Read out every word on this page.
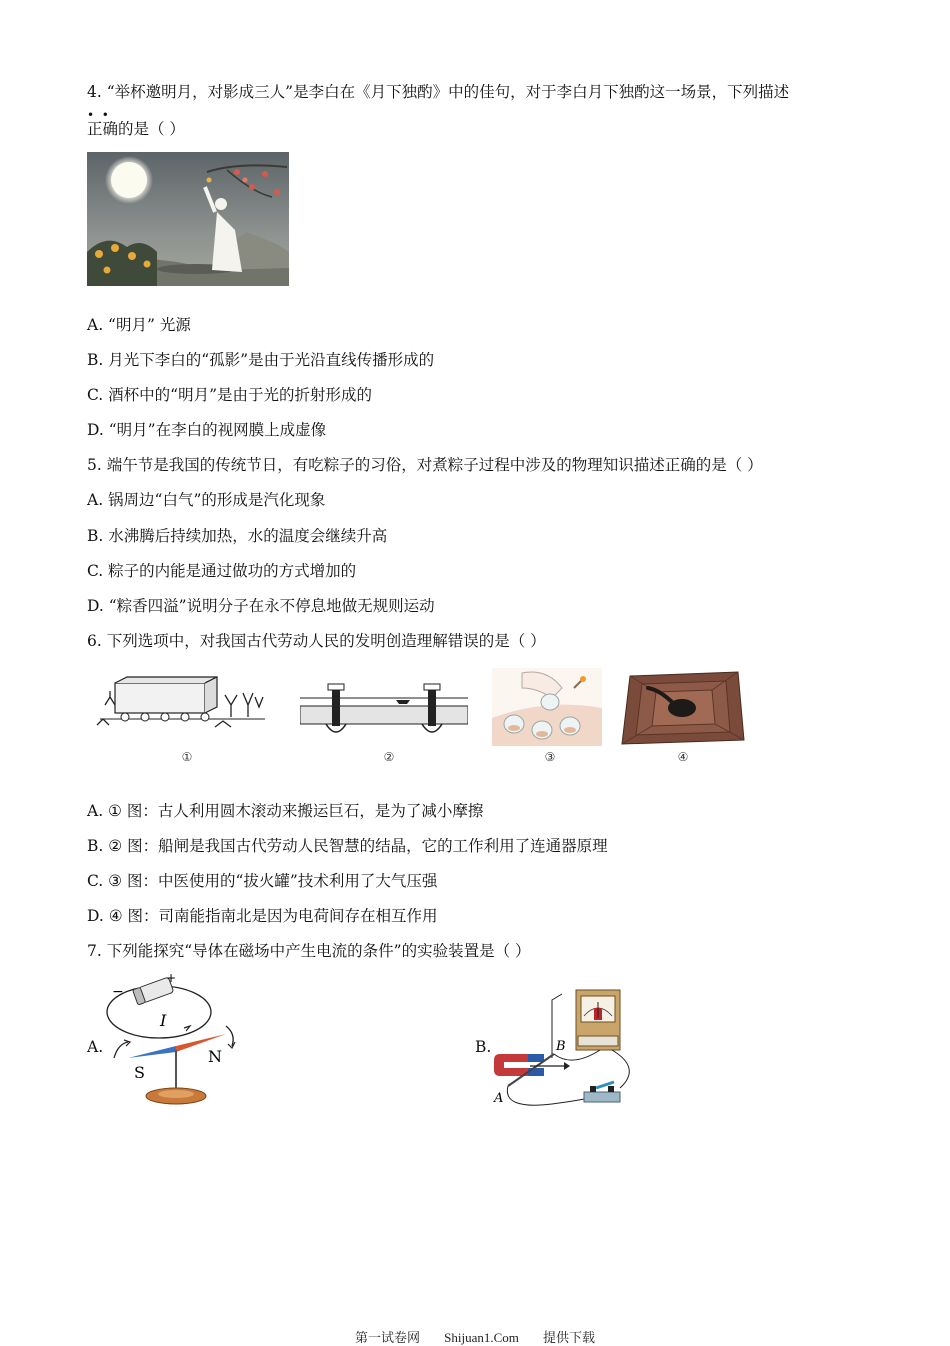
4. “举杯邀明月，对影成三人”是李白在《月下独酌》中的佳句，对于李白月下独酌这一场景，下列描述
•  •
正确的是（ ）
A. “明月” 光源
B. 月光下李白的“孤影”是由于光沿直线传播形成的
C. 酒杯中的“明月”是由于光的折射形成的
D. “明月”在李白的视网膜上成虚像
5. 端午节是我国的传统节日，有吃粽子的习俗，对煮粽子过程中涉及的物理知识描述正确的是（ ）
A. 锅周边“白气”的形成是汽化现象
B. 水沸腾后持续加热，水的温度会继续升高
C. 粽子的内能是通过做功的方式增加的
D. “粽香四溢”说明分子在永不停息地做无规则运动
6. 下列选项中，对我国古代劳动人民的发明创造理解错误的是（ ）
①	②	③	④
A. ① 图：古人利用圆木滚动来搬运巨石，是为了减小摩擦
B. ② 图：船闸是我国古代劳动人民智慧的结晶，它的工作利用了连通器原理
C. ③ 图：中医使用的“拔火罐”技术利用了大气压强
D. ④ 图：司南能指南北是因为电荷间存在相互作用
7. 下列能探究“导体在磁场中产生电流的条件”的实验装置是（ ）
A.
−
+
I
S
N	B.	B
A
第一试卷网 Shijuan1.Com 提供下载
